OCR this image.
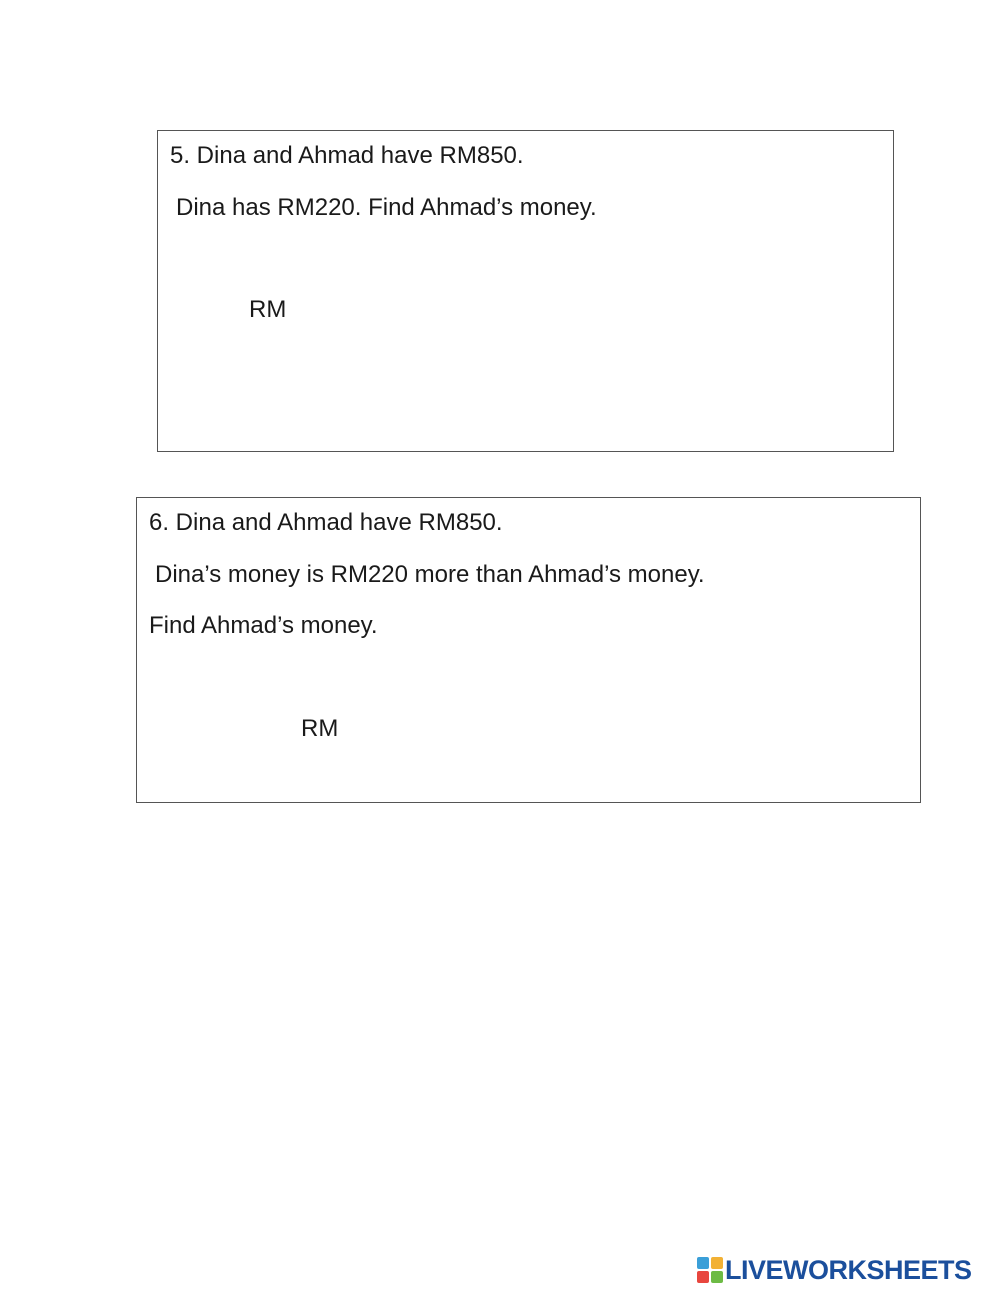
5. Dina and Ahmad have RM850.
Dina has RM220. Find Ahmad’s money.
RM
6. Dina and Ahmad have RM850.
Dina’s money is RM220 more than Ahmad’s money.
Find Ahmad’s money.
RM
LIVEWORKSHEETS
